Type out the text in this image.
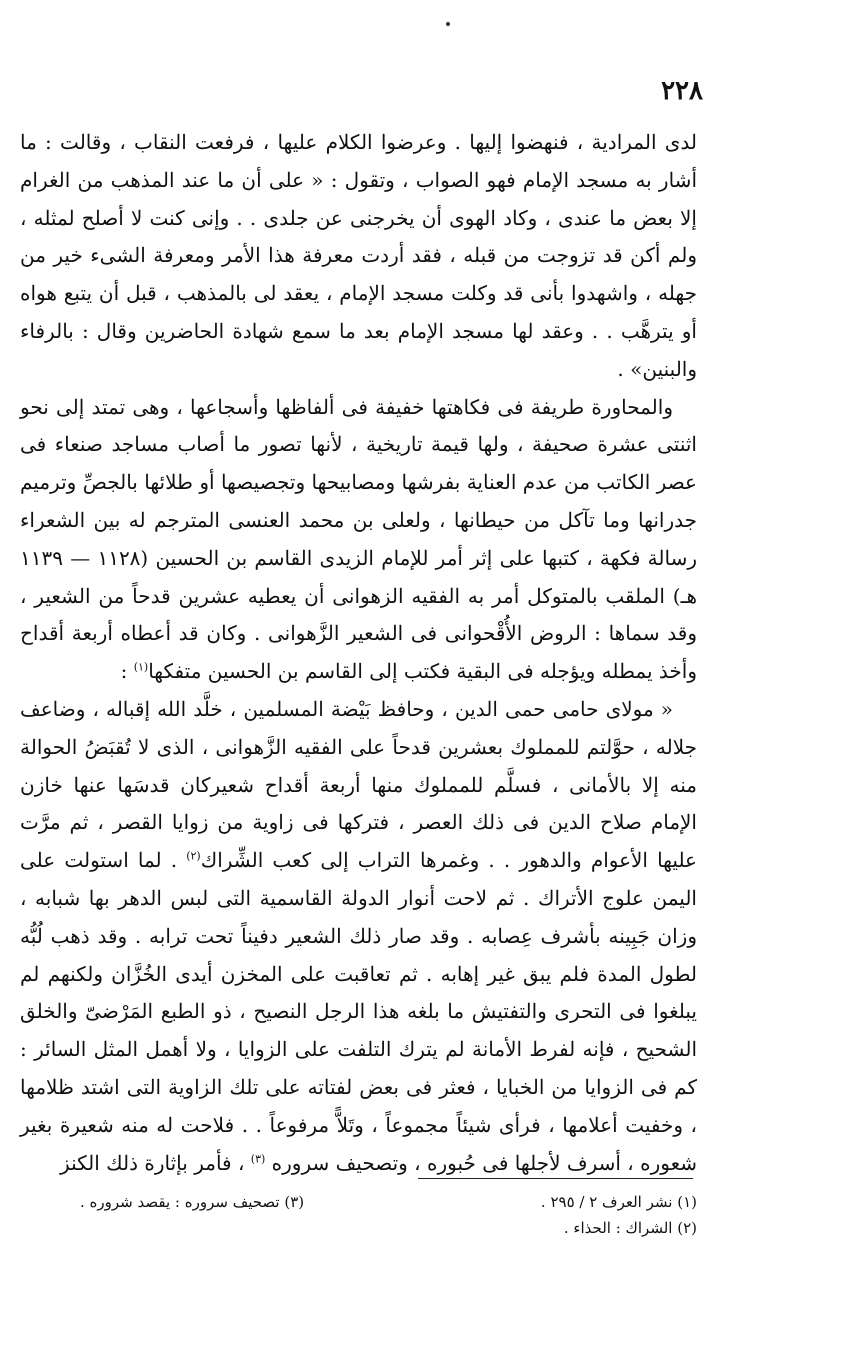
٢٢٨

لدى المرادية ، فنهضوا إليها . وعرضوا الكلام عليها ، فرفعت النقاب ، وقالت : ما أشار به مسجد الإمام فهو الصواب ، وتقول : « على أن ما عند المذهب من الغرام إلا بعض ما عندى ، وكاد الهوى أن يخرجنى عن جلدى . . وإنى كنت لا أصلح لمثله ، ولم أكن قد تزوجت من قبله ، فقد أردت معرفة هذا الأمر ومعرفة الشىء خير من جهله ، واشهدوا بأنى قد وكلت مسجد الإمام ، يعقد لى بالمذهب ، قبل أن يتبع هواه أو يترهَّب . . وعقد لها مسجد الإمام بعد ما سمع شهادة الحاضرين وقال : بالرفاء والبنين» .

والمحاورة طريفة فى فكاهتها خفيفة فى ألفاظها وأسجاعها ، وهى تمتد إلى نحو اثنتى عشرة صحيفة ، ولها قيمة تاريخية ، لأنها تصور ما أصاب مساجد صنعاء فى عصر الكاتب من عدم العناية بفرشها ومصابيحها وتجصيصها أو طلائها بالجصِّ وترميم جدرانها وما تآكل من حيطانها ، ولعلى بن محمد العنسى المترجم له بين الشعراء رسالة فكهة ، كتبها على إثر أمر للإمام الزيدى القاسم بن الحسين (١١٢٨ — ١١٣٩ هـ) الملقب بالمتوكل أمر به الفقيه الزهوانى أن يعطيه عشرين قدحاً من الشعير ، وقد سماها : الروض الأُقْحوانى فى الشعير الزَّهوانى . وكان قد أعطاه أربعة أقداح وأخذ يمطله ويؤجله فى البقية فكتب إلى القاسم بن الحسين متفكها$^{(١)}$ :

« مولاى حامى حمى الدين ، وحافظ بَيْضة المسلمين ، خلَّد الله إقباله ، وضاعف جلاله ، حوَّلتم للمملوك بعشرين قدحاً على الفقيه الزَّهوانى ، الذى لا تُقبَضُ الحوالة منه إلا بالأمانى ، فسلَّم للمملوك منها أربعة أقداح شعيركان قدسَها عنها خازن الإمام صلاح الدين فى ذلك العصر ، فتركها فى زاوية من زوايا القصر ، ثم مرَّت عليها الأعوام والدهور . . وغمرها التراب إلى كعب الشِّراك$^{(٢)}$ . لما استولت على اليمن علوج الأتراك . ثم لاحت أنوار الدولة القاسمية التى لبس الدهر بها شبابه ، وزان جَبِينه بأشرف عِصابه . وقد صار ذلك الشعير دفيناً تحت ترابه . وقد ذهب لُبُّه لطول المدة فلم يبق غير إهابه . ثم تعاقبت على المخزن أيدى الخُزَّان ولكنهم لم يبلغوا فى التحرى والتفتيش ما بلغه هذا الرجل النصيح ، ذو الطبع المَرْضىّ والخلق الشحيح ، فإنه لفرط الأمانة لم يترك التلفت على الزوايا ، ولا أهمل المثل السائر : كم فى الزوايا من الخبايا ، فعثر فى بعض لفتاته على تلك الزاوية التى اشتد ظلامها ، وخفيت أعلامها ، فرأى شيئاً مجموعاً ، وتَلاًّ مرفوعاً . . فلاحت له منه شعيرة بغير شعوره ، أسرف لأجلها فى حُبوره ، وتصحيف سروره $^{(٣)}$ ، فأمر بإثارة ذلك الكنز

(١) نشر العرف ٢ / ٢٩٥ .
(٣) تصحيف سروره : يقصد شروره .
(٢) الشراك : الحذاء .
